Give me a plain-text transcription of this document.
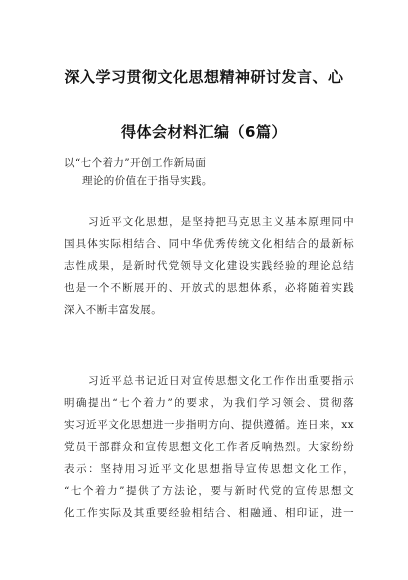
深入学习贯彻文化思想精神研讨发言、心
得体会材料汇编（6篇）
以“七个着力”开创工作新局面
理论的价值在于指导实践。
习近平文化思想，是坚持把马克思主义基本原理同中
国具体实际相结合、同中华优秀传统文化相结合的最新标
志性成果，是新时代党领导文化建设实践经验的理论总结
也是一个不断展开的、开放式的思想体系，必将随着实践
深入不断丰富发展。
习近平总书记近日对宣传思想文化工作作出重要指示
明确提出“七个着力”的要求，为我们学习领会、贯彻落
实习近平文化思想进一步指明方向、提供遵循。连日来，xx
党员干部群众和宣传思想文化工作者反响热烈。大家纷纷
表示：坚持用习近平文化思想指导宣传思想文化工作，
“七个着力”提供了方法论，要与新时代党的宣传思想文
化工作实际及其重要经验相结合、相融通、相印证，进一
